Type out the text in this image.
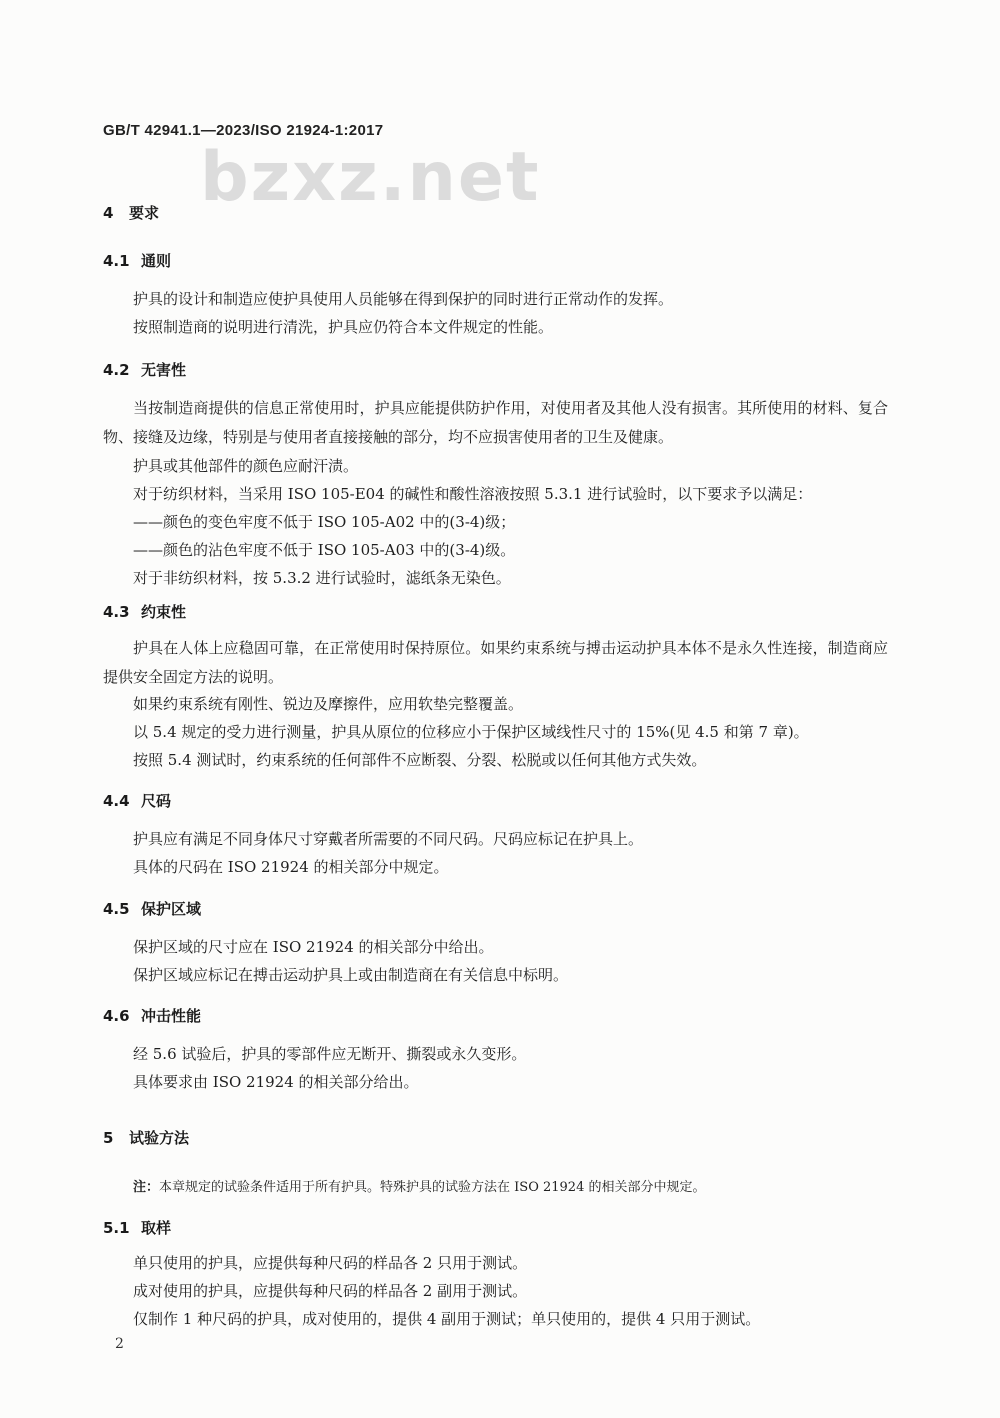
GB/T 42941.1—2023/ISO 21924-1:2017
bzxz.net
4 要求
4.1 通则
护具的设计和制造应使护具使用人员能够在得到保护的同时进行正常动作的发挥。
按照制造商的说明进行清洗，护具应仍符合本文件规定的性能。
4.2 无害性
当按制造商提供的信息正常使用时，护具应能提供防护作用，对使用者及其他人没有损害。其所使用的材料、复合物、接缝及边缘，特别是与使用者直接接触的部分，均不应损害使用者的卫生及健康。
护具或其他部件的颜色应耐汗渍。
对于纺织材料，当采用 ISO 105-E04 的碱性和酸性溶液按照 5.3.1 进行试验时，以下要求予以满足：
——颜色的变色牢度不低于 ISO 105-A02 中的(3-4)级；
——颜色的沾色牢度不低于 ISO 105-A03 中的(3-4)级。
对于非纺织材料，按 5.3.2 进行试验时，滤纸条无染色。
4.3 约束性
护具在人体上应稳固可靠，在正常使用时保持原位。如果约束系统与搏击运动护具本体不是永久性连接，制造商应提供安全固定方法的说明。
如果约束系统有刚性、锐边及摩擦件，应用软垫完整覆盖。
以 5.4 规定的受力进行测量，护具从原位的位移应小于保护区域线性尺寸的 15%(见 4.5 和第 7 章)。
按照 5.4 测试时，约束系统的任何部件不应断裂、分裂、松脱或以任何其他方式失效。
4.4 尺码
护具应有满足不同身体尺寸穿戴者所需要的不同尺码。尺码应标记在护具上。
具体的尺码在 ISO 21924 的相关部分中规定。
4.5 保护区域
保护区域的尺寸应在 ISO 21924 的相关部分中给出。
保护区域应标记在搏击运动护具上或由制造商在有关信息中标明。
4.6 冲击性能
经 5.6 试验后，护具的零部件应无断开、撕裂或永久变形。
具体要求由 ISO 21924 的相关部分给出。
5 试验方法
注：本章规定的试验条件适用于所有护具。特殊护具的试验方法在 ISO 21924 的相关部分中规定。
5.1 取样
单只使用的护具，应提供每种尺码的样品各 2 只用于测试。
成对使用的护具，应提供每种尺码的样品各 2 副用于测试。
仅制作 1 种尺码的护具，成对使用的，提供 4 副用于测试；单只使用的，提供 4 只用于测试。
2
